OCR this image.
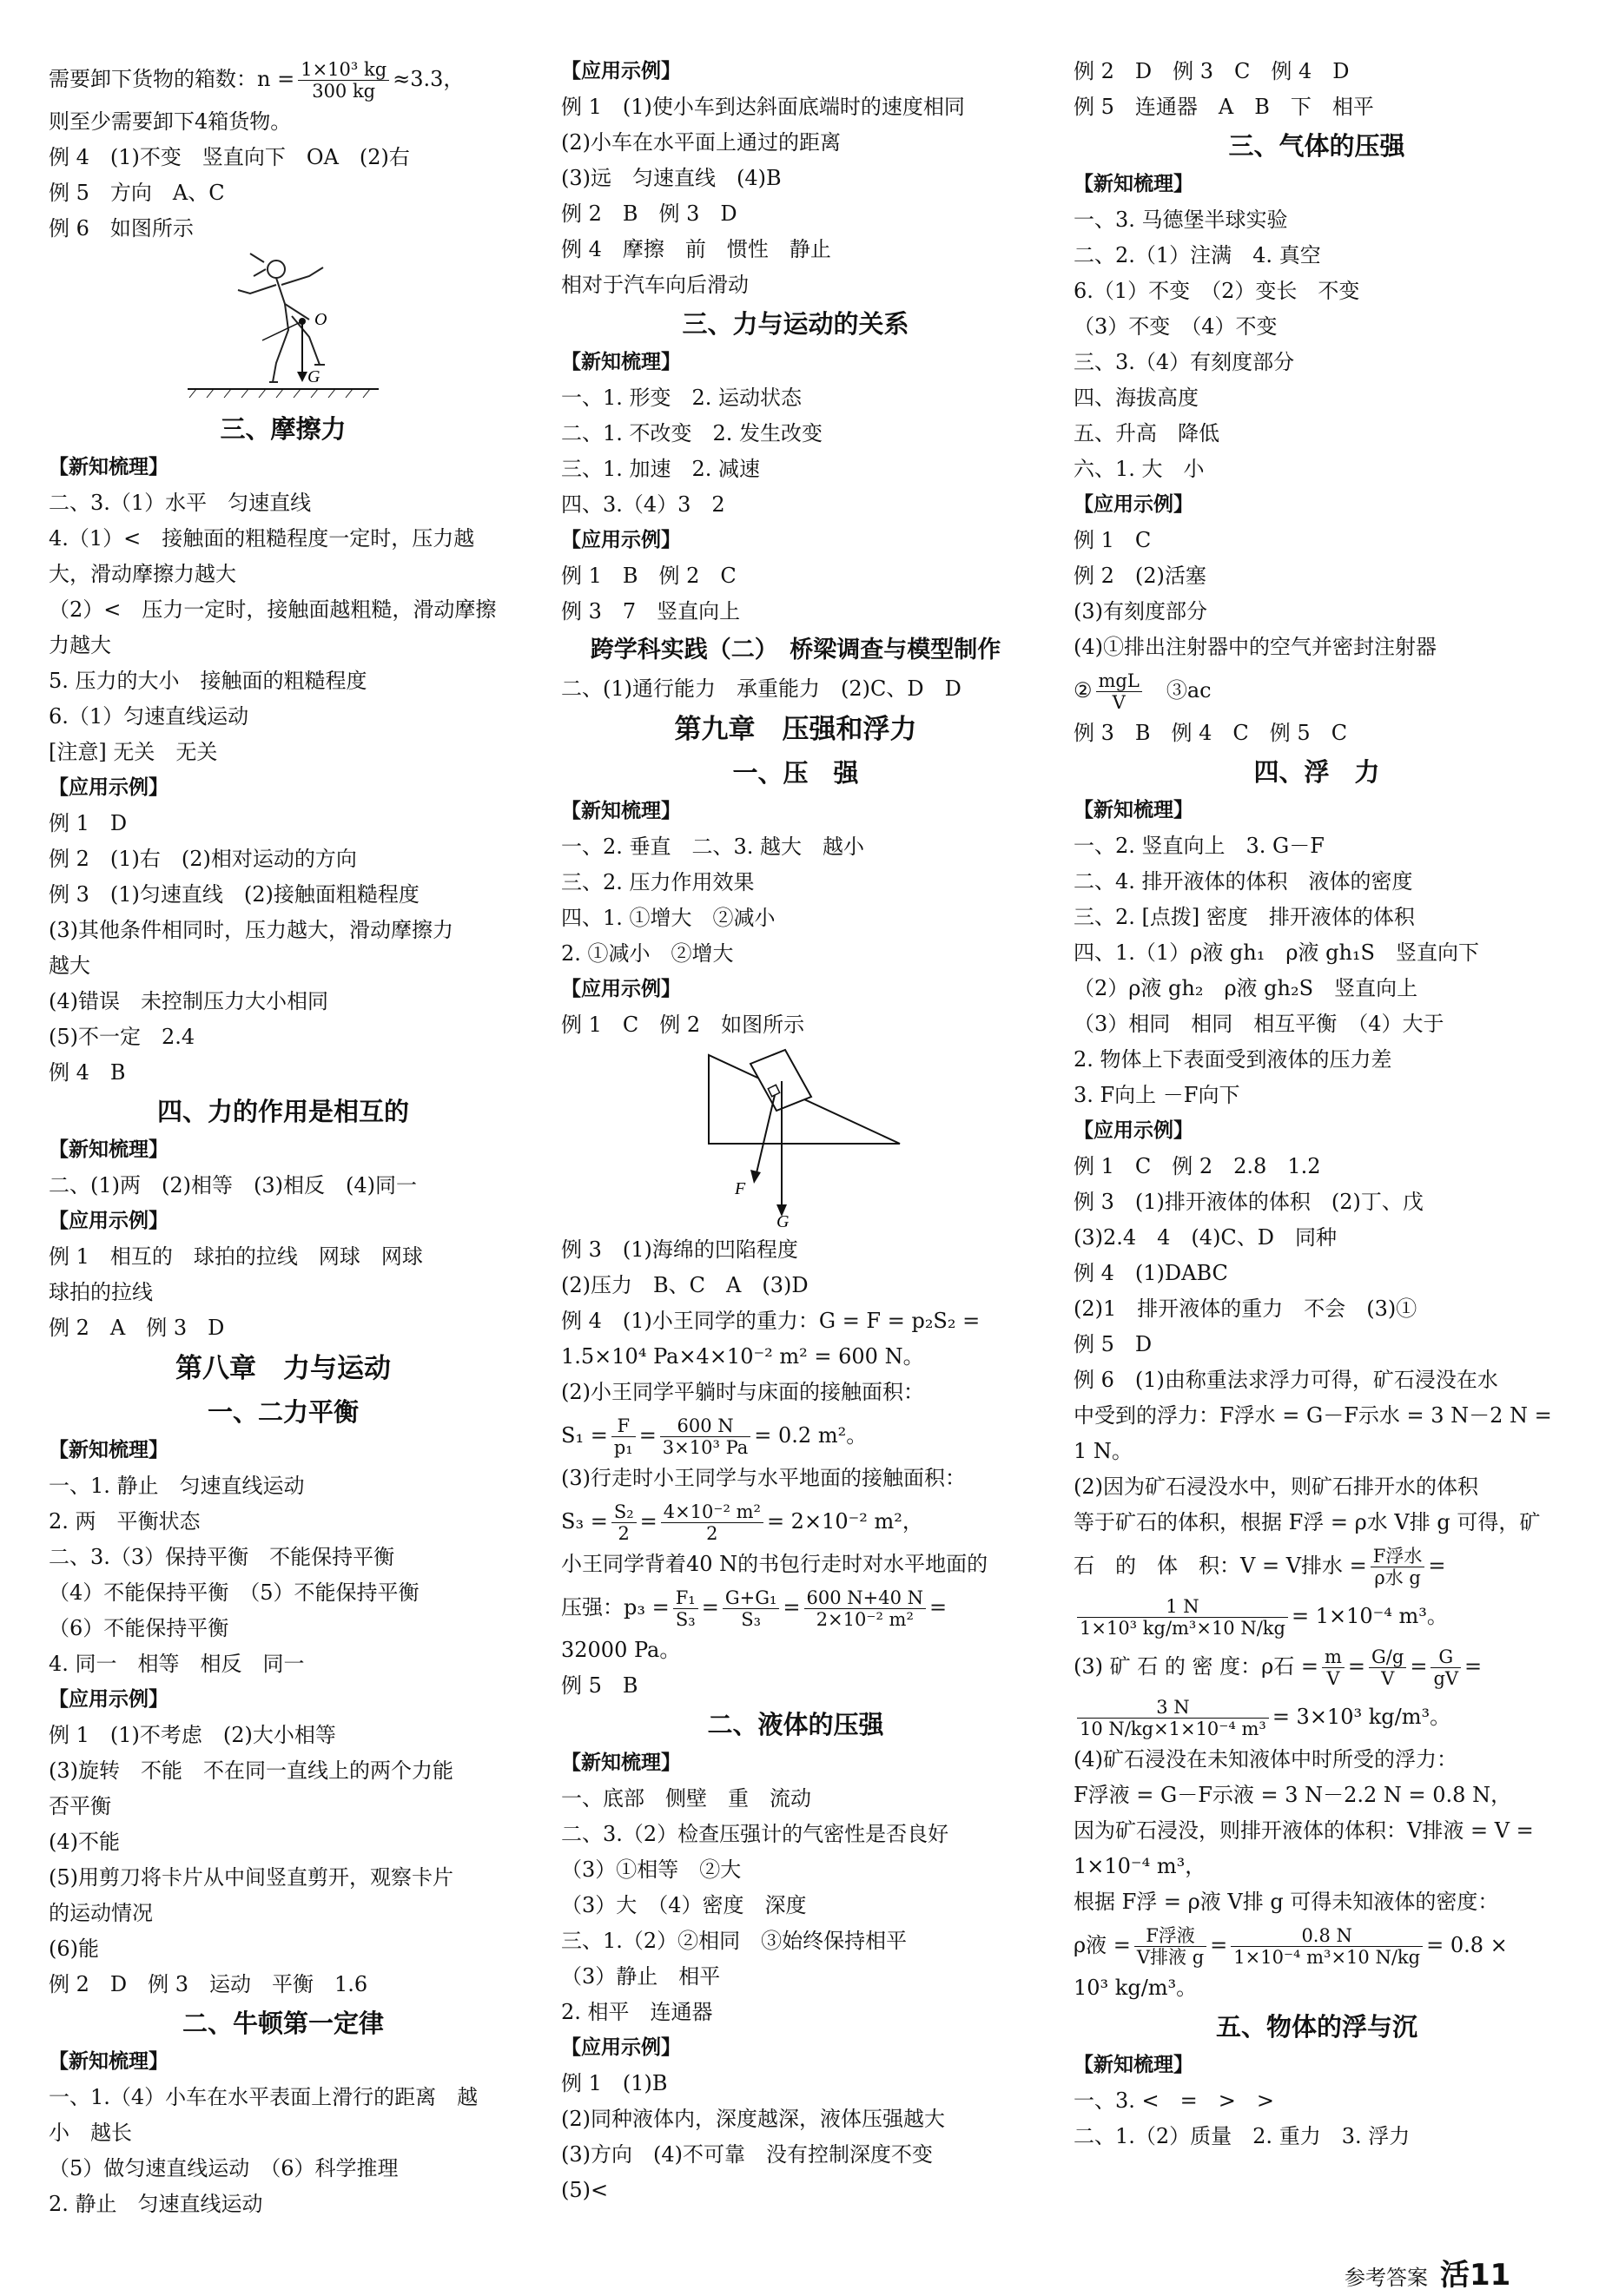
需要卸下货物的箱数：$n = \frac{\text{1×10³ kg}}{300 kg} \approx 3.3$，
则至少需要卸下4箱货物。
例 4　(1)不变　竖直向下　OA　(2)右
例 5　方向　A、C
例 6　如图所示
O
G
三、摩擦力
【新知梳理】
二、3.（1）水平　匀速直线
4.（1）<　接触面的粗糙程度一定时，压力越
大，滑动摩擦力越大
（2）<　压力一定时，接触面越粗糙，滑动摩擦
力越大
5. 压力的大小　接触面的粗糙程度
6.（1）匀速直线运动
[注意] 无关　无关
【应用示例】
例 1　D
例 2　(1)右　(2)相对运动的方向
例 3　(1)匀速直线　(2)接触面粗糙程度
(3)其他条件相同时，压力越大，滑动摩擦力
越大
(4)错误　未控制压力大小相同
(5)不一定　2.4
例 4　B
四、力的作用是相互的
【新知梳理】
二、(1)两　(2)相等　(3)相反　(4)同一
【应用示例】
例 1　相互的　球拍的拉线　网球　网球
球拍的拉线
例 2　A　例 3　D
第八章　力与运动
一、二力平衡
【新知梳理】
一、1. 静止　匀速直线运动
2. 两　平衡状态
二、3.（3）保持平衡　不能保持平衡
（4）不能保持平衡　（5）不能保持平衡
（6）不能保持平衡
4. 同一　相等　相反　同一
【应用示例】
例 1　(1)不考虑　(2)大小相等
(3)旋转　不能　不在同一直线上的两个力能
否平衡
(4)不能
(5)用剪刀将卡片从中间竖直剪开，观察卡片
的运动情况
(6)能
例 2　D　例 3　运动　平衡　1.6
二、牛顿第一定律
【新知梳理】
一、1.（4）小车在水平表面上滑行的距离　越
小　越长
（5）做匀速直线运动　（6）科学推理
2. 静止　匀速直线运动
【应用示例】
例 1　(1)使小车到达斜面底端时的速度相同
(2)小车在水平面上通过的距离
(3)远　匀速直线　(4)B
例 2　B　例 3　D
例 4　摩擦　前　惯性　静止
相对于汽车向后滑动
三、力与运动的关系
【新知梳理】
一、1. 形变　2. 运动状态
二、1. 不改变　2. 发生改变
三、1. 加速　2. 减速
四、3.（4）3　2
【应用示例】
例 1　B　例 2　C
例 3　7　竖直向上
跨学科实践（二）　桥梁调查与模型制作
二、(1)通行能力　承重能力　(2)C、D　D
第九章　压强和浮力
一、压　强
【新知梳理】
一、2. 垂直　二、3. 越大　越小
三、2. 压力作用效果
四、1. ①增大　②减小
2. ①减小　②增大
【应用示例】
例 1　C　例 2　如图所示
F
G
例 3　(1)海绵的凹陷程度
(2)压力　B、C　A　(3)D
例 4　(1)小王同学的重力：G = F = p₂S₂ =
1.5×10⁴ Pa×4×10⁻² m² = 600 N。
(2)小王同学平躺时与床面的接触面积：
$S_1 = \frac{F}{\text{p₁}} = \frac{600 N}{\text{3×10³ Pa}} = 0.2$ m²。
(3)行走时小王同学与水平地面的接触面积：
$S_3 = \frac{\text{S₂}}{2} = \frac{\text{4×10⁻² m²}}{2} = 2\times 10^{-2}$ m²，
小王同学背着40 N的书包行走时对水平地面的
压强：$p_3 = \frac{\text{F₁}}{\text{S₃}} = \frac{\text{G+G₁}}{\text{S₃}} = \frac{600 N+40 N}{\text{2×10⁻² m²}}$ =
32000 Pa。
例 5　B
二、液体的压强
【新知梳理】
一、底部　侧壁　重　流动
二、3.（2）检查压强计的气密性是否良好
（3）①相等　②大
（3）大　（4）密度　深度
三、1.（2）②相同　③始终保持相平
（3）静止　相平
2. 相平　连通器
【应用示例】
例 1　(1)B
(2)同种液体内，深度越深，液体压强越大
(3)方向　(4)不可靠　没有控制深度不变
(5)<
例 2　D　例 3　C　例 4　D
例 5　连通器　A　B　下　相平
三、气体的压强
【新知梳理】
一、3. 马德堡半球实验
二、2.（1）注满　4. 真空
6.（1）不变　（2）变长　不变
（3）不变　（4）不变
三、3.（4）有刻度部分
四、海拔高度
五、升高　降低
六、1. 大　小
【应用示例】
例 1　C
例 2　(2)活塞
(3)有刻度部分
(4)①排出注射器中的空气并密封注射器
② $\frac{\text{mgL}}{V}$ 　③ac
例 3　B　例 4　C　例 5　C
四、浮　力
【新知梳理】
一、2. 竖直向上　3. G－F
二、4. 排开液体的体积　液体的密度
三、2. [点拨] 密度　排开液体的体积
四、1.（1）ρ液 gh₁　ρ液 gh₁S　竖直向下
（2）ρ液 gh₂　ρ液 gh₂S　竖直向上
（3）相同　相同　相互平衡　（4）大于
2. 物体上下表面受到液体的压力差
3. F向上 －F向下
【应用示例】
例 1　C　例 2　2.8　1.2
例 3　(1)排开液体的体积　(2)丁、戊
(3)2.4　4　(4)C、D　同种
例 4　(1)DABC
(2)1　排开液体的重力　不会　(3)①
例 5　D
例 6　(1)由称重法求浮力可得，矿石浸没在水
中受到的浮力：F浮水 = G－F示水 = 3 N－2 N =
1 N。
(2)因为矿石浸没水中，则矿石排开水的体积
等于矿石的体积，根据 F浮 = ρ水 V排 g 可得，矿
石　的　体　积：V = V排水 = $\frac{\text{F浮水}}{\text{ρ水 g}}$ =
$\frac{1 N}{\text{1×10³ kg/m³×10 N/kg}} = 1\times 10^{-4}$ m³。
(3) 矿 石 的 密 度：ρ石 = $\frac{m}{V} = \frac{G/g}{V} = \frac{G}{gV}$ =
$\frac{3 N}{\text{10 N/kg×1×10⁻⁴ m³}} = 3\times 10^3$ kg/m³。
(4)矿石浸没在未知液体中时所受的浮力：
F浮液 = G－F示液 = 3 N－2.2 N = 0.8 N，
因为矿石浸没，则排开液体的体积：V排液 = V =
1×10⁻⁴ m³，
根据 F浮 = ρ液 V排 g 可得未知液体的密度：
ρ液 = $\frac{\text{F浮液}}{\text{V排液 g}} = \frac{0.8 N}{\text{1×10⁻⁴ m³×10 N/kg}} = 0.8$ ×
10³ kg/m³。
五、物体的浮与沉
【新知梳理】
一、3. <　=　>　>
二、1.（2）质量　2. 重力　3. 浮力
参考答案 活11
